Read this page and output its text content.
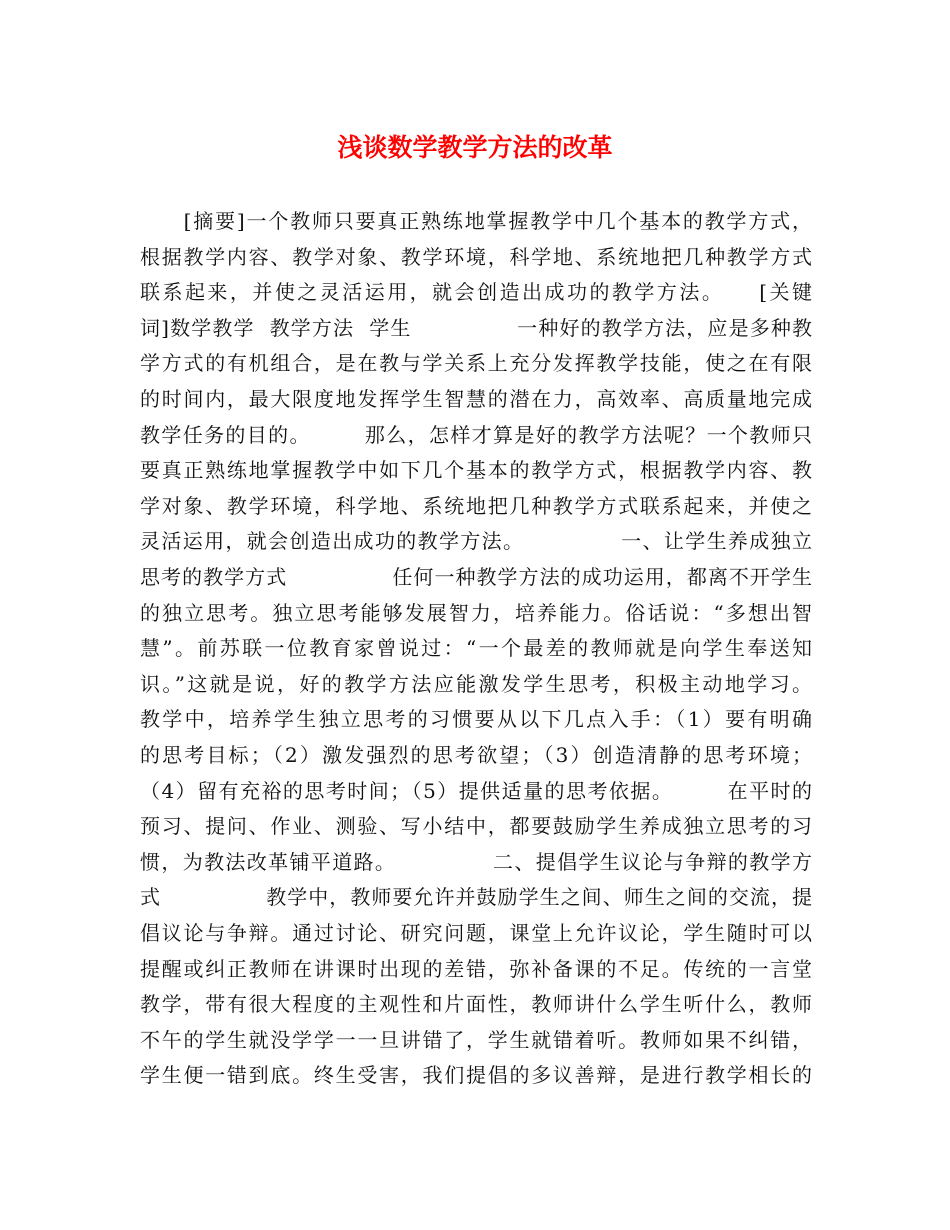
浅谈数学教学方法的改革

　　[摘要]一个教师只要真正熟练地掌握教学中几个基本的教学方式，

根据教学内容、教学对象、教学环境，科学地、系统地把几种教学方式

联系起来，并使之灵活运用，就会创造出成功的教学方法。　　[关键

词]数学教学  教学方法  学生　　　　　一种好的教学方法，应是多种教

学方式的有机组合，是在教与学关系上充分发挥教学技能，使之在有限

的时间内，最大限度地发挥学生智慧的潜在力，高效率、高质量地完成

教学任务的目的。　　　那么，怎样才算是好的教学方法呢？一个教师只

要真正熟练地掌握教学中如下几个基本的教学方式，根据教学内容、教

学对象、教学环境，科学地、系统地把几种教学方式联系起来，并使之

灵活运用，就会创造出成功的教学方法。　　　　　一、让学生养成独立

思考的教学方式　　　　　任何一种教学方法的成功运用，都离不开学生

的独立思考。独立思考能够发展智力，培养能力。俗话说：“多想出智

慧”。前苏联一位教育家曾说过：“一个最差的教师就是向学生奉送知

识。”这就是说，好的教学方法应能激发学生思考，积极主动地学习。

教学中，培养学生独立思考的习惯要从以下几点入手：（1）要有明确

的思考目标；（2）激发强烈的思考欲望；（3）创造清静的思考环境；

（4）留有充裕的思考时间；（5）提供适量的思考依据。　　　在平时的

预习、提问、作业、测验、写小结中，都要鼓励学生养成独立思考的习

惯，为教法改革铺平道路。　　　　　二、提倡学生议论与争辩的教学方

式　　　　　教学中，教师要允许并鼓励学生之间、师生之间的交流，提

倡议论与争辩。通过讨论、研究问题，课堂上允许议论，学生随时可以

提醒或纠正教师在讲课时出现的差错，弥补备课的不足。传统的一言堂

教学，带有很大程度的主观性和片面性，教师讲什么学生听什么，教师

不午的学生就没学学一一旦讲错了，学生就错着听。教师如果不纠错，

学生便一错到底。终生受害，我们提倡的多议善辩，是进行教学相长的
